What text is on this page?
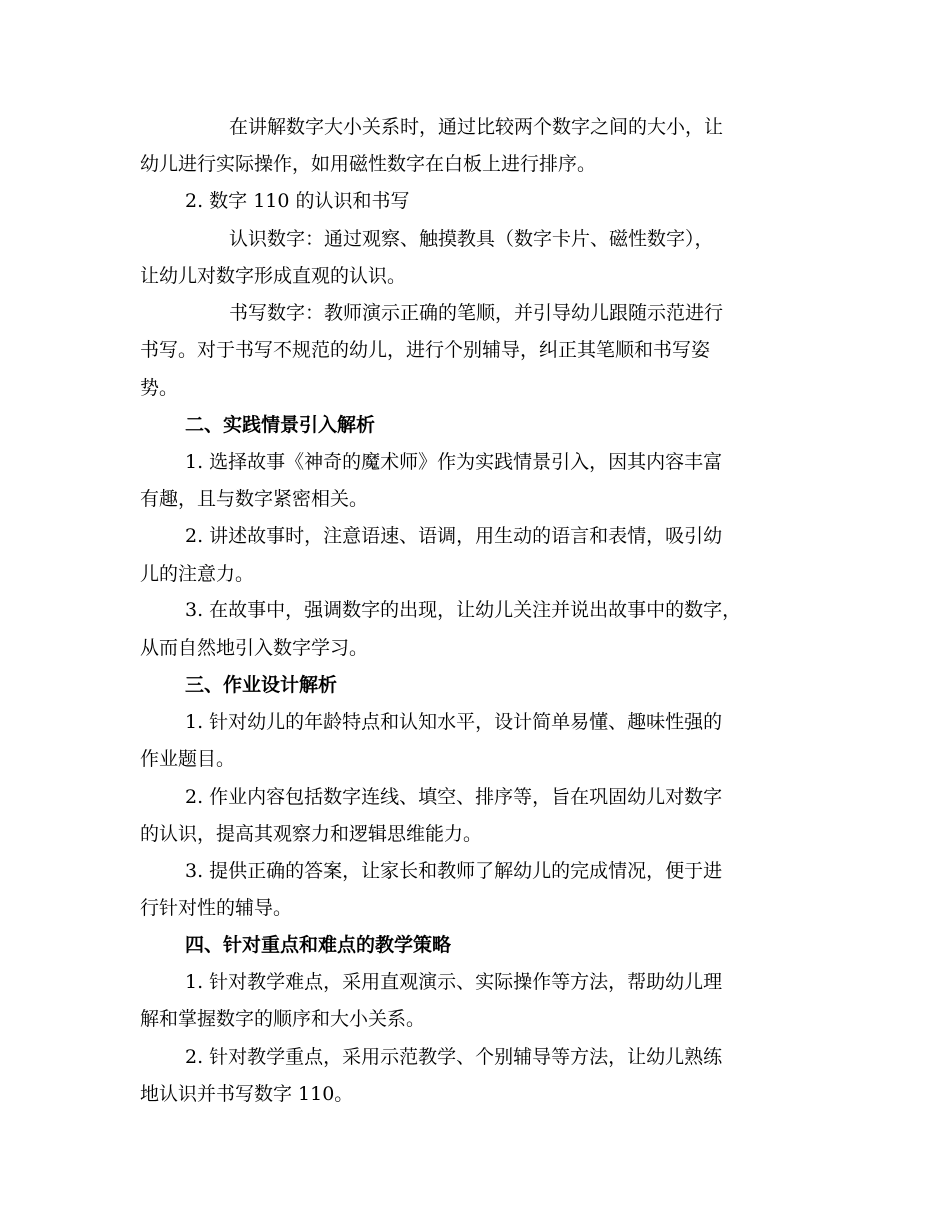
在讲解数字大小关系时，通过比较两个数字之间的大小，让
幼儿进行实际操作，如用磁性数字在白板上进行排序。
2. 数字 110 的认识和书写
认识数字：通过观察、触摸教具（数字卡片、磁性数字），
让幼儿对数字形成直观的认识。
书写数字：教师演示正确的笔顺，并引导幼儿跟随示范进行
书写。对于书写不规范的幼儿，进行个别辅导，纠正其笔顺和书写姿
势。
二、实践情景引入解析
1. 选择故事《神奇的魔术师》作为实践情景引入，因其内容丰富
有趣，且与数字紧密相关。
2. 讲述故事时，注意语速、语调，用生动的语言和表情，吸引幼
儿的注意力。
3. 在故事中，强调数字的出现，让幼儿关注并说出故事中的数字，
从而自然地引入数字学习。
三、作业设计解析
1. 针对幼儿的年龄特点和认知水平，设计简单易懂、趣味性强的
作业题目。
2. 作业内容包括数字连线、填空、排序等，旨在巩固幼儿对数字
的认识，提高其观察力和逻辑思维能力。
3. 提供正确的答案，让家长和教师了解幼儿的完成情况，便于进
行针对性的辅导。
四、针对重点和难点的教学策略
1. 针对教学难点，采用直观演示、实际操作等方法，帮助幼儿理
解和掌握数字的顺序和大小关系。
2. 针对教学重点，采用示范教学、个别辅导等方法，让幼儿熟练
地认识并书写数字 110。
